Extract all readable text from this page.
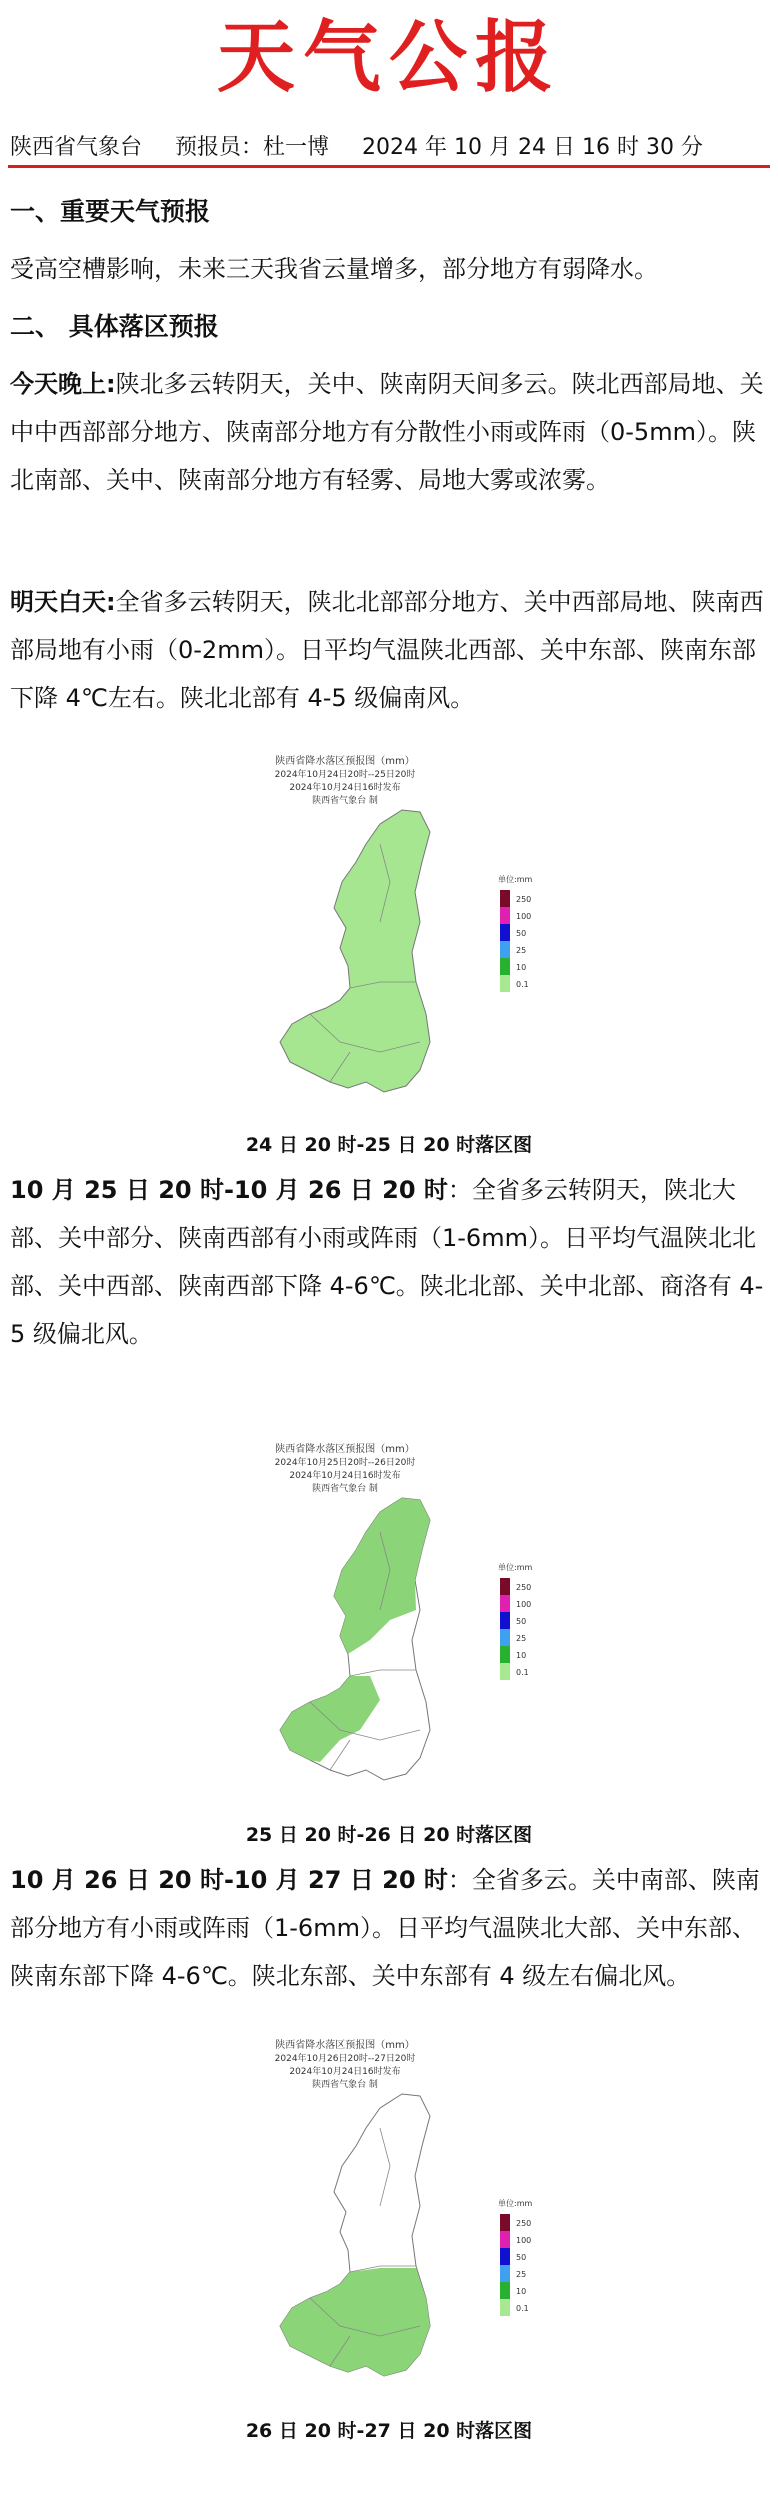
天气公报
陕西省气象台 预报员：杜一博 2024 年 10 月 24 日 16 时 30 分
一、重要天气预报
受高空槽影响，未来三天我省云量增多，部分地方有弱降水。
二、 具体落区预报
今天晚上:陕北多云转阴天，关中、陕南阴天间多云。陕北西部局地、关中中西部部分地方、陕南部分地方有分散性小雨或阵雨（0-5mm）。陕北南部、关中、陕南部分地方有轻雾、局地大雾或浓雾。
明天白天:全省多云转阴天，陕北北部部分地方、关中西部局地、陕南西部局地有小雨（0-2mm）。日平均气温陕北西部、关中东部、陕南东部下降 4℃左右。陕北北部有 4-5 级偏南风。
陕西省降水落区预报图（mm）
2024年10月24日20时--25日20时
2024年10月24日16时发布
陕西省气象台 制
单位:mm
250
100
50
25
10
0.1
24 日 20 时-25 日 20 时落区图
10 月 25 日 20 时-10 月 26 日 20 时：全省多云转阴天，陕北大部、关中部分、陕南西部有小雨或阵雨（1-6mm）。日平均气温陕北北部、关中西部、陕南西部下降 4-6℃。陕北北部、关中北部、商洛有 4-5 级偏北风。
陕西省降水落区预报图（mm）
2024年10月25日20时--26日20时
2024年10月24日16时发布
陕西省气象台 制
单位:mm
250
100
50
25
10
0.1
25 日 20 时-26 日 20 时落区图
10 月 26 日 20 时-10 月 27 日 20 时：全省多云。关中南部、陕南部分地方有小雨或阵雨（1-6mm）。日平均气温陕北大部、关中东部、陕南东部下降 4-6℃。陕北东部、关中东部有 4 级左右偏北风。
陕西省降水落区预报图（mm）
2024年10月26日20时--27日20时
2024年10月24日16时发布
陕西省气象台 制
单位:mm
250
100
50
25
10
0.1
26 日 20 时-27 日 20 时落区图
